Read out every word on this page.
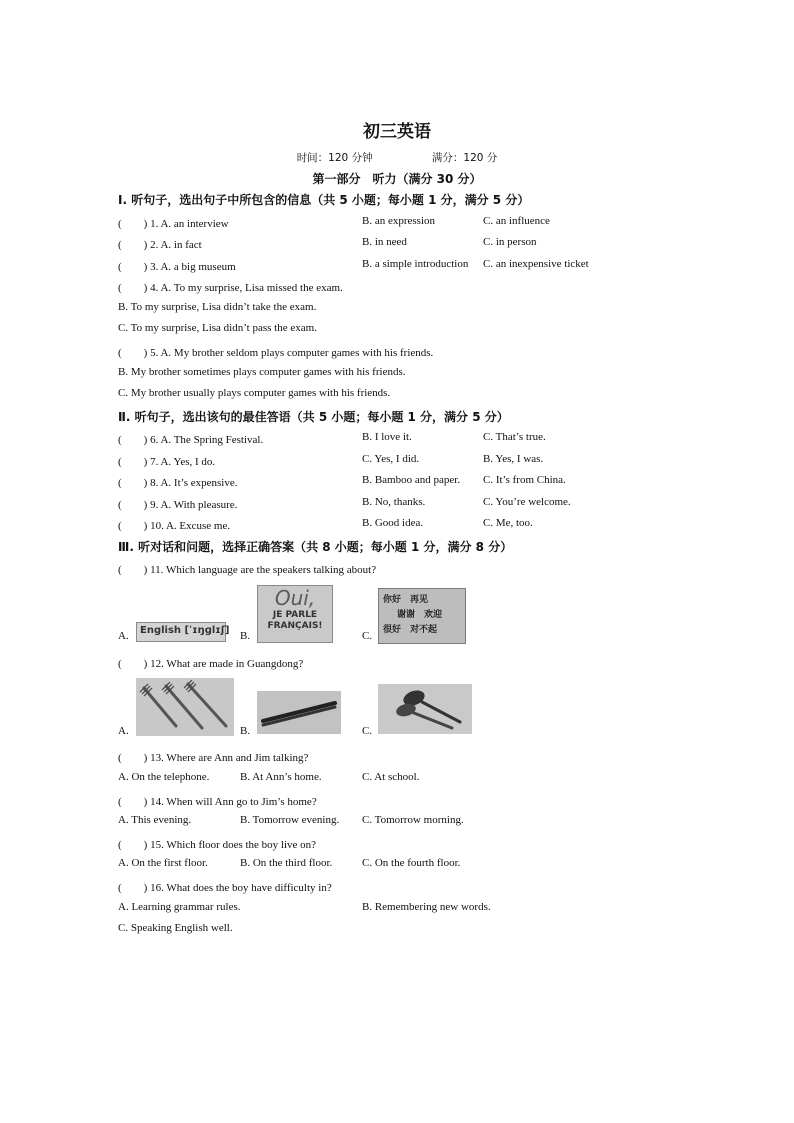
初三英语
时间：120 分钟	满分：120 分
第一部分　听力（满分 30 分）
Ⅰ. 听句子，选出句子中所包含的信息（共 5 小题；每小题 1 分，满分 5 分）
(　　) 1. A. an interview	B. an expression	C. an influence
(　　) 2. A. in fact	B. in need	C. in person
(　　) 3. A. a big museum	B. a simple introduction C. an inexpensive ticket
(　　) 4. A. To my surprise, Lisa missed the exam.
B. To my surprise, Lisa didn’t take the exam.
C. To my surprise, Lisa didn’t pass the exam.
(　　) 5. A. My brother seldom plays computer games with his friends.
B. My brother sometimes plays computer games with his friends.
C. My brother usually plays computer games with his friends.
Ⅱ. 听句子，选出该句的最佳答语（共 5 小题；每小题 1 分，满分 5 分）
(　　) 6. A. The Spring Festival.	B. I love it.	C. That’s true.
(　　) 7. A. Yes, I do.	C. Yes, I did.	B. Yes, I was.
(　　) 8. A. It’s expensive.	B. Bamboo and paper. C. It’s from China.
(　　) 9. A. With pleasure.	B. No, thanks.	C. You’re welcome.
(　　) 10. A. Excuse me.	B. Good idea.	C. Me, too.
Ⅲ. 听对话和问题，选择正确答案（共 8 小题；每小题 1 分，满分 8 分）
(　　) 11. Which language are the speakers talking about?
A.	English [ˈɪŋɡlɪʃ] B.
Oui,
JE PARLE
FRANÇAIS!
C.
你好　再见
谢谢　欢迎
很好　对不起
(　　) 12. What are made in Guangdong?
A.	B.	C.
(　　) 13. Where are Ann and Jim talking?
A. On the telephone.	B. At Ann’s home.	C. At school.
(　　) 14. When will Ann go to Jim’s home?
A. This evening.	B. Tomorrow evening. C. Tomorrow morning.
(　　) 15. Which floor does the boy live on?
A. On the first floor.	B. On the third floor.	C. On the fourth floor.
(　　) 16. What does the boy have difficulty in?
A. Learning grammar rules.	B. Remembering new words.
C. Speaking English well.
